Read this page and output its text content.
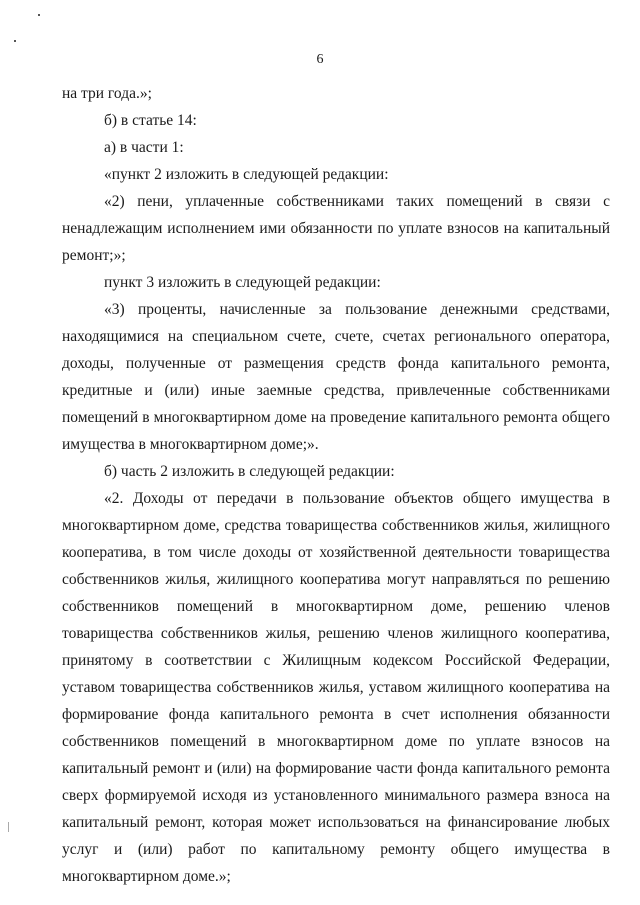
6

на три года.»;

б) в статье 14:

а) в части 1:

«пункт 2 изложить в следующей редакции:

«2) пени, уплаченные собственниками таких помещений в связи с ненадлежащим исполнением ими обязанности по уплате взносов на капитальный ремонт;»;

пункт 3 изложить в следующей редакции:

«3) проценты, начисленные за пользование денежными средствами, находящимися на специальном счете, счете, счетах регионального оператора, доходы, полученные от размещения средств фонда капитального ремонта, кредитные и (или) иные заемные средства, привлеченные собственниками помещений в многоквартирном доме на проведение капитального ремонта общего имущества в многоквартирном доме;».

б) часть 2 изложить в следующей редакции:

«2. Доходы от передачи в пользование объектов общего имущества в многоквартирном доме, средства товарищества собственников жилья, жилищного кооператива, в том числе доходы от хозяйственной деятельности товарищества собственников жилья, жилищного кооператива могут направляться по решению собственников помещений в многоквартирном доме, решению членов товарищества собственников жилья, решению членов жилищного кооператива, принятому в соответствии с Жилищным кодексом Российской Федерации, уставом товарищества собственников жилья, уставом жилищного кооператива на формирование фонда капитального ремонта в счет исполнения обязанности собственников помещений в многоквартирном доме по уплате взносов на капитальный ремонт и (или) на формирование части фонда капитального ремонта сверх формируемой исходя из установленного минимального размера взноса на капитальный ремонт, которая может использоваться на финансирование любых услуг и (или) работ по капитальному ремонту общего имущества в многоквартирном доме.»;
